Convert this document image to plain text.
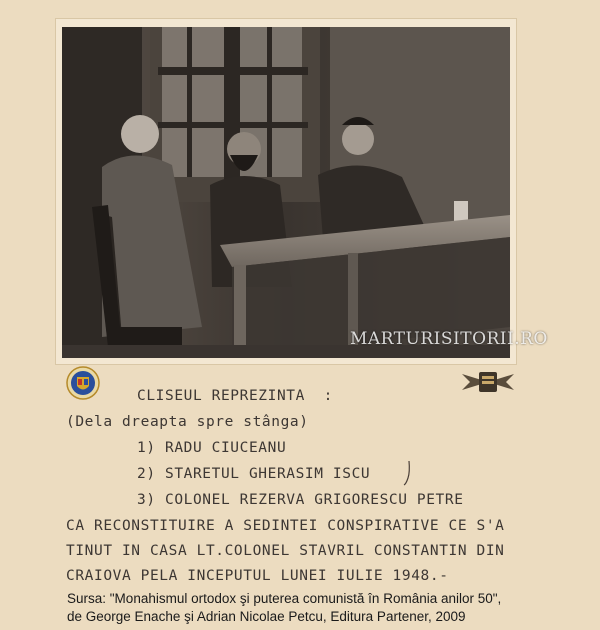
MARTURISITORII.RO
CLISEUL REPREZINTA  :
(Dela dreapta spre stânga)
1) RADU CIUCEANU
2) STARETUL GHERASIM ISCU
3) COLONEL REZERVA GRIGORESCU PETRE
CA RECONSTITUIRE A SEDINTEI CONSPIRATIVE CE S'A
TINUT IN CASA LT.COLONEL STAVRIL CONSTANTIN DIN
CRAIOVA PELA INCEPUTUL LUNEI IULIE 1948.-
Sursa: "Monahismul ortodox şi puterea comunistă în România anilor 50",
de George Enache şi Adrian Nicolae Petcu, Editura Partener, 2009
